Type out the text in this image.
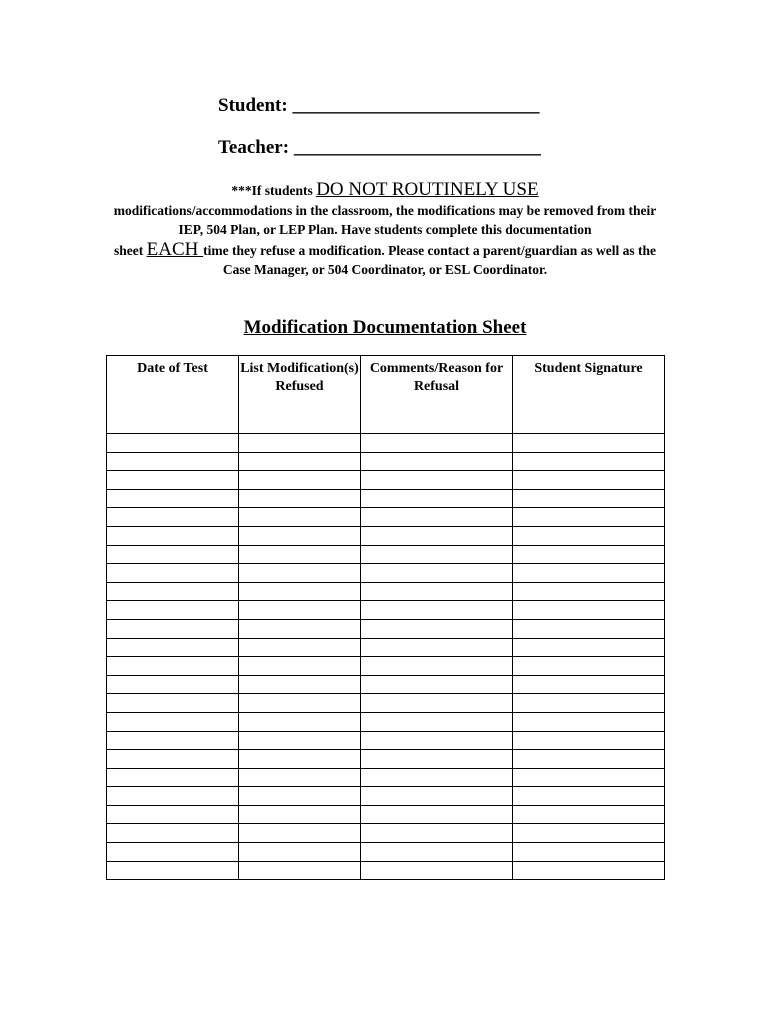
Student: __________________________
Teacher: __________________________
***If students DO NOT ROUTINELY USE
modifications/accommodations in the classroom, the modifications may be removed from their IEP, 504 Plan, or LEP Plan. Have students complete this documentation
sheet EACH time they refuse a modification. Please contact a parent/guardian as well as the Case Manager, or 504 Coordinator, or ESL Coordinator.
Modification Documentation Sheet
Date of Test	List Modification(s) Refused	Comments/Reason for Refusal	Student Signature
